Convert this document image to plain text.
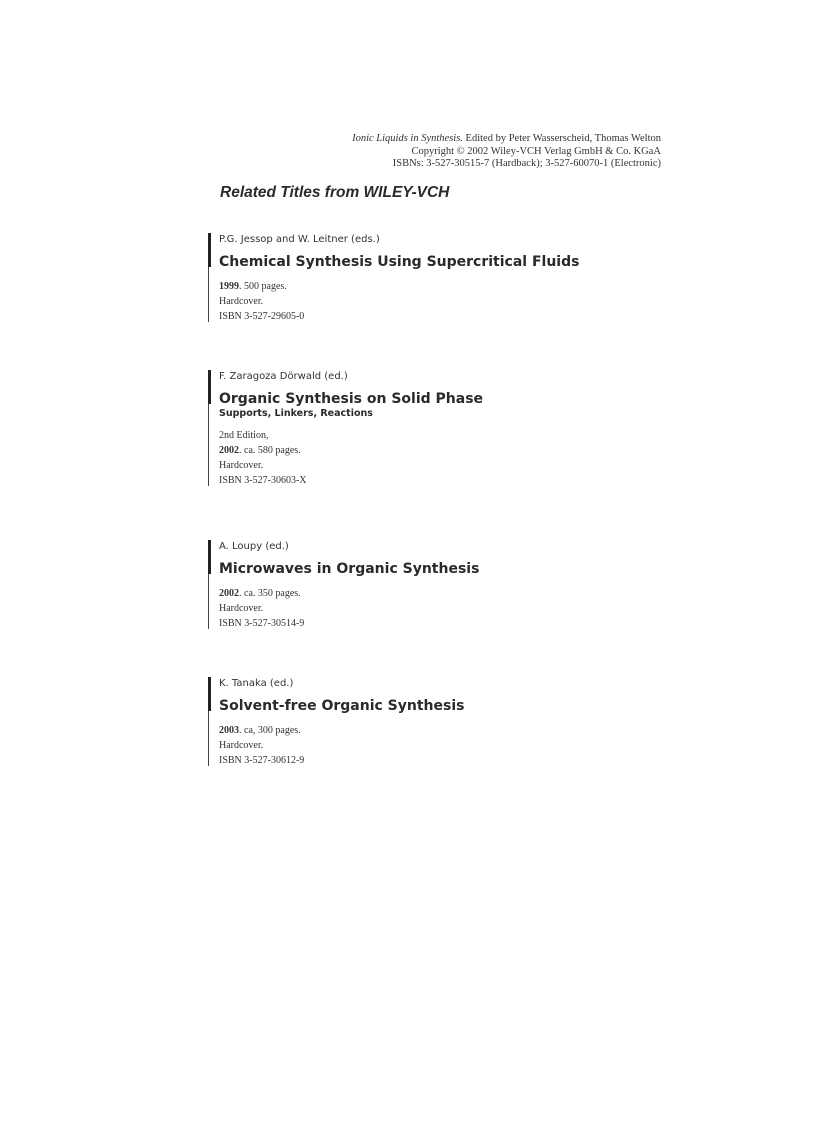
Ionic Liquids in Synthesis. Edited by Peter Wasserscheid, Thomas Welton
Copyright © 2002 Wiley-VCH Verlag GmbH & Co. KGaA
ISBNs: 3-527-30515-7 (Hardback); 3-527-60070-1 (Electronic)
Related Titles from WILEY-VCH

P.G. Jessop and W. Leitner (eds.)

Chemical Synthesis Using Supercritical Fluids

1999. 500 pages.
Hardcover.
ISBN 3-527-29605-0

F. Zaragoza Dörwald (ed.)

Organic Synthesis on Solid Phase

Supports, Linkers, Reactions

2nd Edition,
2002. ca. 580 pages.
Hardcover.
ISBN 3-527-30603-X

A. Loupy (ed.)

Microwaves in Organic Synthesis

2002. ca. 350 pages.
Hardcover.
ISBN 3-527-30514-9

K. Tanaka (ed.)

Solvent-free Organic Synthesis

2003. ca, 300 pages.
Hardcover.
ISBN 3-527-30612-9
